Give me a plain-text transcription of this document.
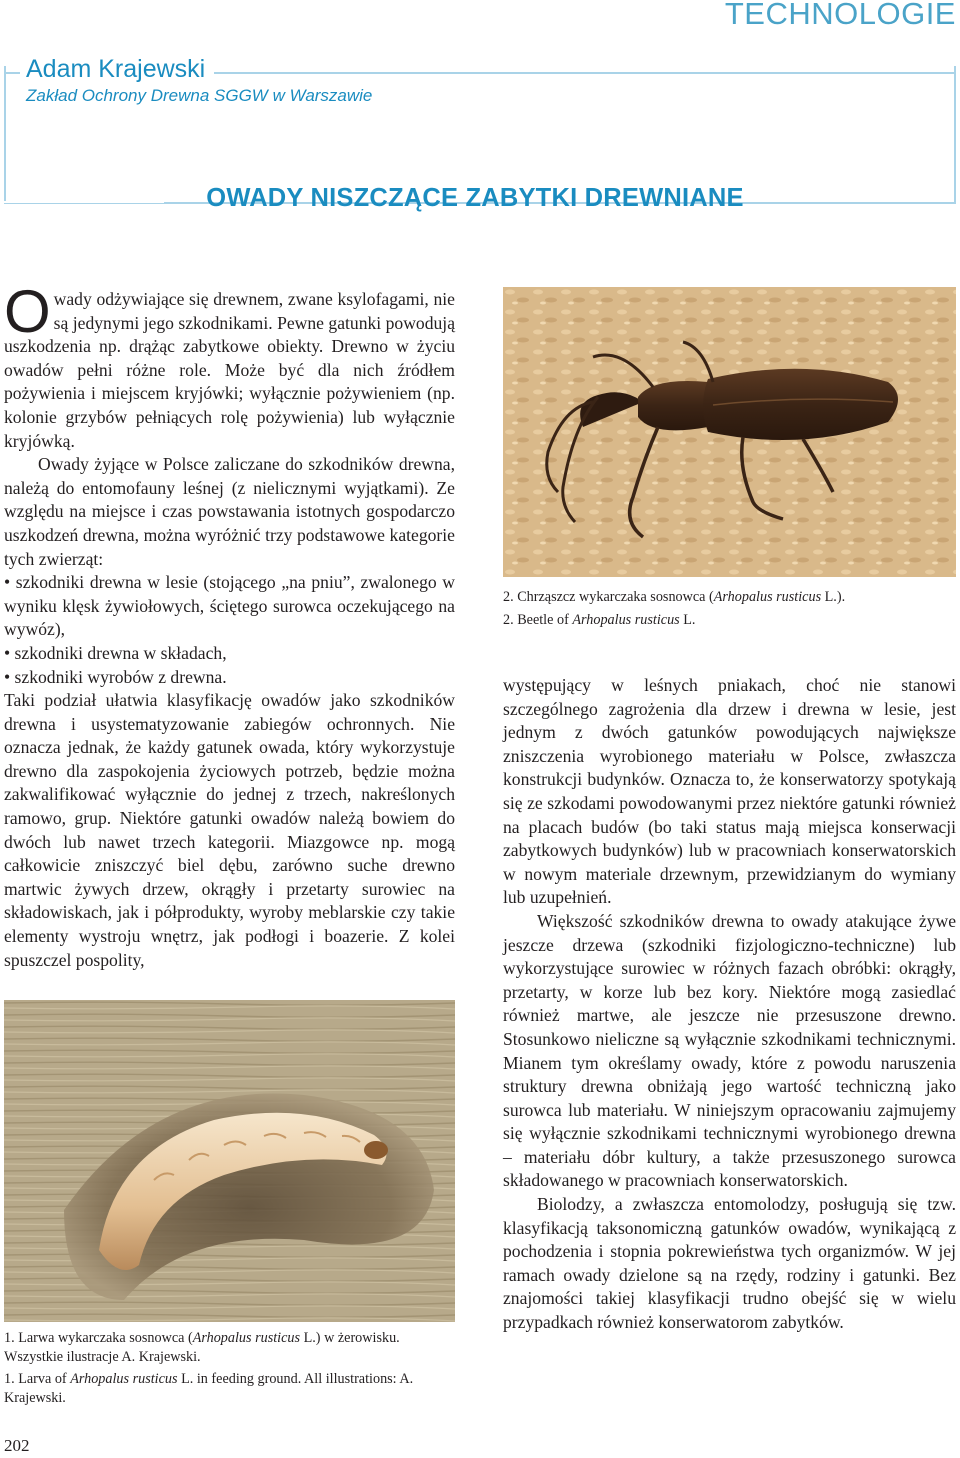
TECHNOLOGIE
Adam Krajewski
Zakład Ochrony Drewna SGGW w Warszawie
OWADY NISZCZĄCE ZABYTKI DREWNIANE

Owady odżywiające się drewnem, zwane ksylofagami, nie są jedynymi jego szkodnikami. Pewne gatunki powodują uszkodzenia np. drążąc zabytkowe obiekty. Drewno w życiu owadów pełni różne role. Może być dla nich źródłem pożywienia i miejscem kryjówki; wyłącznie pożywieniem (np. kolonie grzybów pełniących rolę pożywienia) lub wyłącznie kryjówką.

Owady żyjące w Polsce zaliczane do szkodników drewna, należą do entomofauny leśnej (z nielicznymi wyjątkami). Ze względu na miejsce i czas powstawania istotnych gospodarczo uszkodzeń drewna, można wyróżnić trzy podstawowe kategorie tych zwierząt:

• szkodniki drewna w lesie (stojącego „na pniu”, zwalonego w wyniku klęsk żywiołowych, ściętego surowca oczekującego na wywóz),

• szkodniki drewna w składach,

• szkodniki wyrobów z drewna.

Taki podział ułatwia klasyfikację owadów jako szkodników drewna i usystematyzowanie zabiegów ochronnych. Nie oznacza jednak, że każdy gatunek owada, który wykorzystuje drewno dla zaspokojenia życiowych potrzeb, będzie można zakwalifikować wyłącznie do jednej z trzech, nakreślonych ramowo, grup. Niektóre gatunki owadów należą bowiem do dwóch lub nawet trzech kategorii. Miazgowce np. mogą całkowicie zniszczyć biel dębu, zarówno suche drewno martwic żywych drzew, okrągły i przetarty surowiec na składowiskach, jak i półprodukty, wyroby meblarskie czy takie elementy wystroju wnętrz, jak podłogi i boazerie. Z kolei spuszczel pospolity,

1. Larwa wykarczaka sosnowca (Arhopalus rusticus L.) w żerowisku. Wszystkie ilustracje A. Krajewski.

1. Larva of Arhopalus rusticus L. in feeding ground. All illustrations: A. Krajewski.

2. Chrząszcz wykarczaka sosnowca (Arhopalus rusticus L.).

2. Beetle of Arhopalus rusticus L.

występujący w leśnych pniakach, choć nie stanowi szczególnego zagrożenia dla drzew i drewna w lesie, jest jednym z dwóch gatunków powodujących największe zniszczenia wyrobionego materiału w Polsce, zwłaszcza konstrukcji budynków. Oznacza to, że konserwatorzy spotykają się ze szkodami powodowanymi przez niektóre gatunki również na placach budów (bo taki status mają miejsca konserwacji zabytkowych budynków) lub w pracowniach konserwatorskich w nowym materiale drzewnym, przewidzianym do wymiany lub uzupełnień.

Większość szkodników drewna to owady atakujące żywe jeszcze drzewa (szkodniki fizjologiczno-techniczne) lub wykorzystujące surowiec w różnych fazach obróbki: okrągły, przetarty, w korze lub bez kory. Niektóre mogą zasiedlać również martwe, ale jeszcze nie przesuszone drewno. Stosunkowo nieliczne są wyłącznie szkodnikami technicznymi. Mianem tym określamy owady, które z powodu naruszenia struktury drewna obniżają jego wartość techniczną jako surowca lub materiału. W niniejszym opracowaniu zajmujemy się wyłącznie szkodnikami technicznymi wyrobionego drewna – materiału dóbr kultury, a także przesuszonego surowca składowanego w pracowniach konserwatorskich.

Biolodzy, a zwłaszcza entomolodzy, posługują się tzw. klasyfikacją taksonomiczną gatunków owadów, wynikającą z pochodzenia i stopnia pokrewieństwa tych organizmów. W jej ramach owady dzielone są na rzędy, rodziny i gatunki. Bez znajomości takiej klasyfikacji trudno obejść się w wielu przypadkach również konserwatorom zabytków.

202
